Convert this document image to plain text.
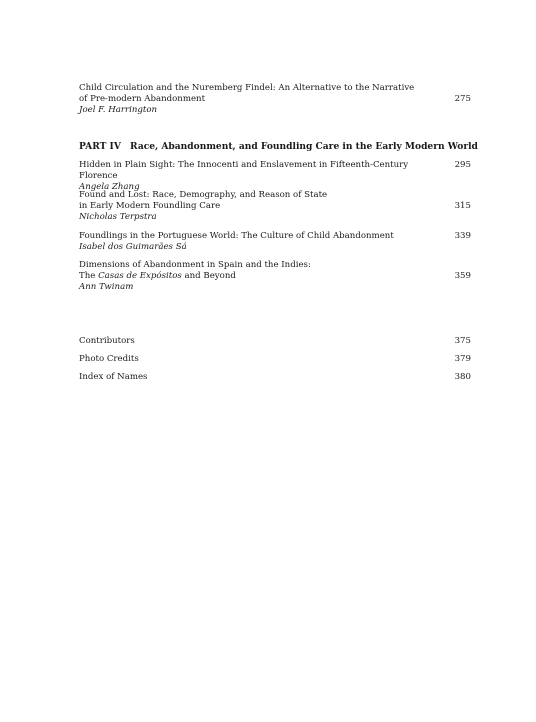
Child Circulation and the Nuremberg Findel: An Alternative to the Narrative
of Pre-modern Abandonment
Joel F. Harrington
275
PART IV Race, Abandonment, and Foundling Care in the Early Modern World
Hidden in Plain Sight: The Innocenti and Enslavement in Fifteenth-Century Florence
Angela Zhang
295
Found and Lost: Race, Demography, and Reason of State
in Early Modern Foundling Care
Nicholas Terpstra
315
Foundlings in the Portuguese World: The Culture of Child Abandonment
Isabel dos Guimarães Sá
339
Dimensions of Abandonment in Spain and the Indies:
The Casas de Expósitos and Beyond
Ann Twinam
359
Contributors	375
Photo Credits	379
Index of Names	380
